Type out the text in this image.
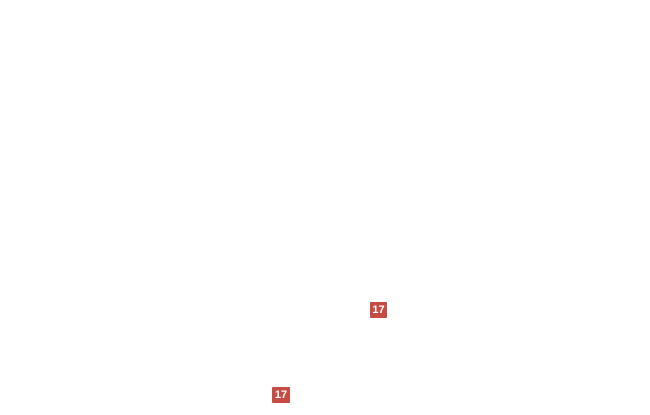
17
17
